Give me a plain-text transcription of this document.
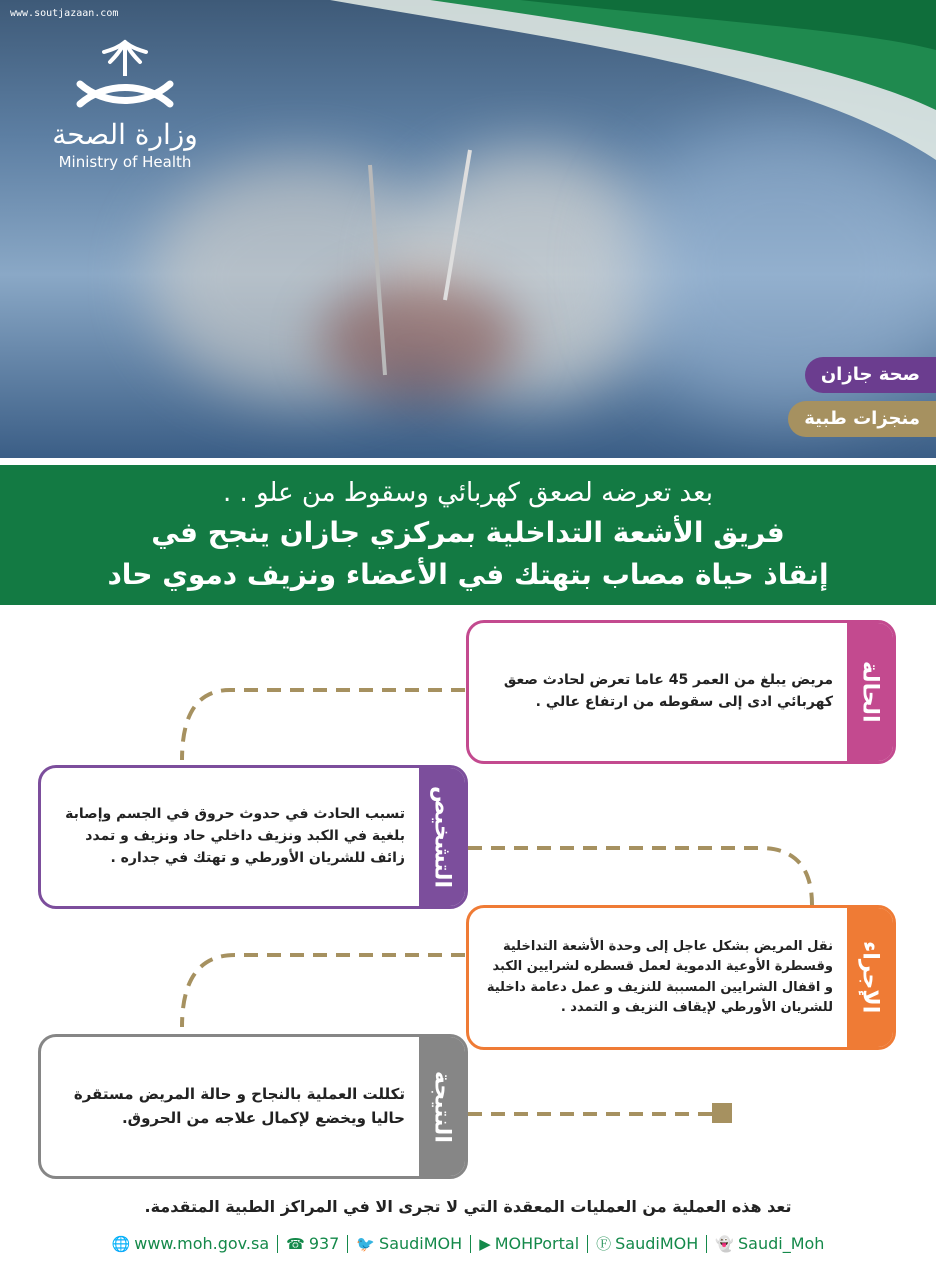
www.soutjazaan.com
وزارة الصحة
Ministry of Health
صحة جازان
منجزات طبية
بعد تعرضه لصعق كهربائي وسقوط من علو . .
فريق الأشعة التداخلية بمركزي جازان ينجح في
إنقاذ حياة مصاب بتهتك في الأعضاء ونزيف دموي حاد
الحالة
مريض يبلغ من العمر 45 عاما تعرض لحادث صعق كهربائي ادى إلى سقوطه من ارتفاع عالي .
التشخيص
تسبب الحادث في حدوث حروق في الجسم وإصابة بلغية في الكبد ونزيف داخلي حاد ونزيف و تمدد زائف للشريان الأورطي و تهتك في جداره .
الإجراء
نقل المريض بشكل عاجل إلى وحدة الأشعة التداخلية وقسطرة الأوعية الدموية لعمل قسطره لشرايين الكبد و اقفال الشرايين المسببة للنزيف و عمل دعامة داخلية للشريان الأورطي لإيقاف النزيف و التمدد .
النتيجة
تكللت العملية بالنجاح و حالة المريض مستقرة حاليا ويخضع لإكمال علاجه من الحروق.
تعد هذه العملية من العمليات المعقدة التي لا تجرى الا في المراكز الطبية المتقدمة.
🌐 www.moh.gov.sa ☎ 937 🐦 SaudiMOH ▶ MOHPortal Ⓕ SaudiMOH 👻 Saudi_Moh
